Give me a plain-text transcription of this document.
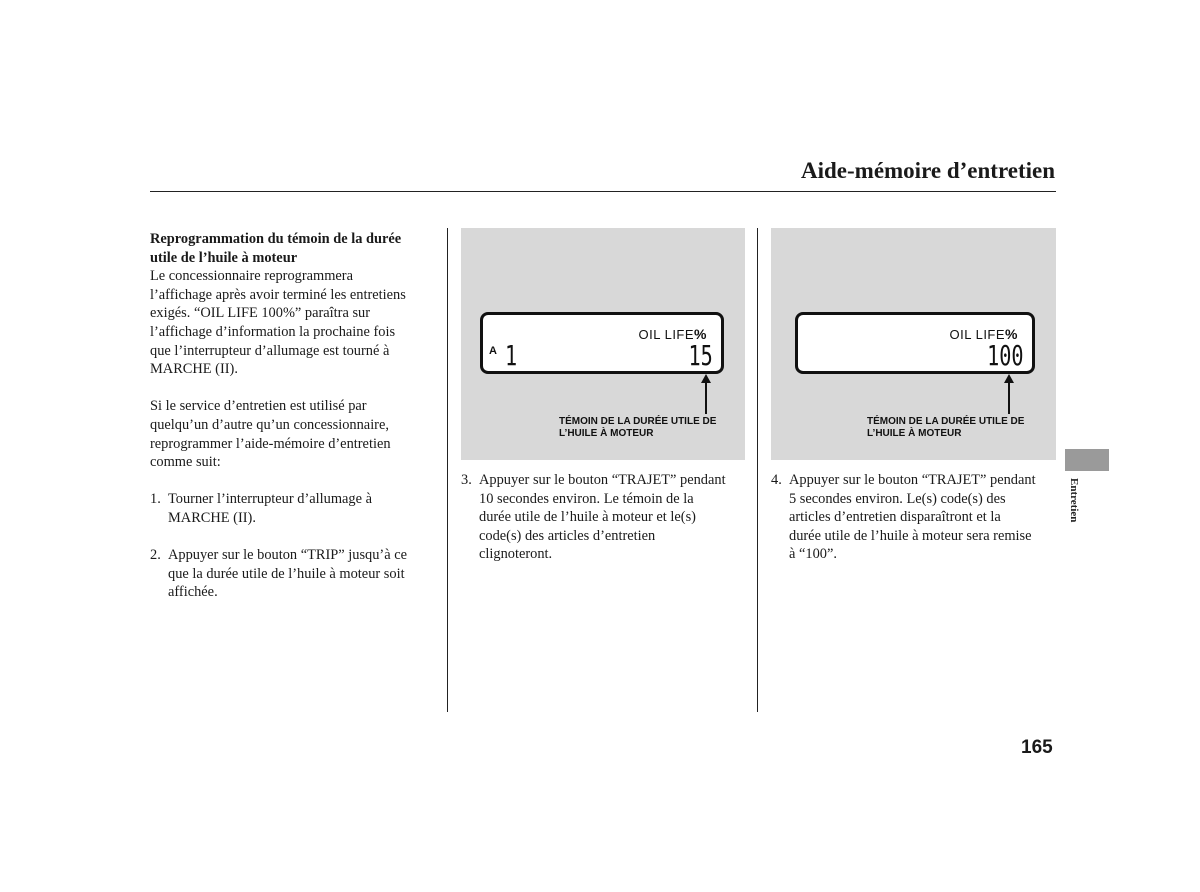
Aide-mémoire d’entretien

Reprogrammation du témoin de la durée
utile de l’huile à moteur

Le concessionnaire reprogrammera
l’affichage après avoir terminé les entretiens
exigés. “OIL LIFE 100%” paraîtra sur
l’affichage d’information la prochaine fois
que l’interrupteur d’allumage est tourné à
MARCHE (II).

Si le service d’entretien est utilisé par
quelqu’un d’autre qu’un concessionnaire,
reprogrammer l’aide-mémoire d’entretien
comme suit:

1. Tourner l’interrupteur d’allumage à
MARCHE (II).
2. Appuyer sur le bouton “TRIP” jusqu’à ce
que la durée utile de l’huile à moteur soit
affichée.
OIL LIFE%
A 1	15
TÉMOIN DE LA DURÉE UTILE DE
L’HUILE À MOTEUR
3. Appuyer sur le bouton “TRAJET” pendant
10 secondes environ. Le témoin de la
durée utile de l’huile à moteur et le(s)
code(s) des articles d’entretien
clignoteront.
OIL LIFE%
100
TÉMOIN DE LA DURÉE UTILE DE
L’HUILE À MOTEUR
4. Appuyer sur le bouton “TRAJET” pendant
5 secondes environ. Le(s) code(s) des
articles d’entretien disparaîtront et la
durée utile de l’huile à moteur sera remise
à “100”.
Entretien
165
